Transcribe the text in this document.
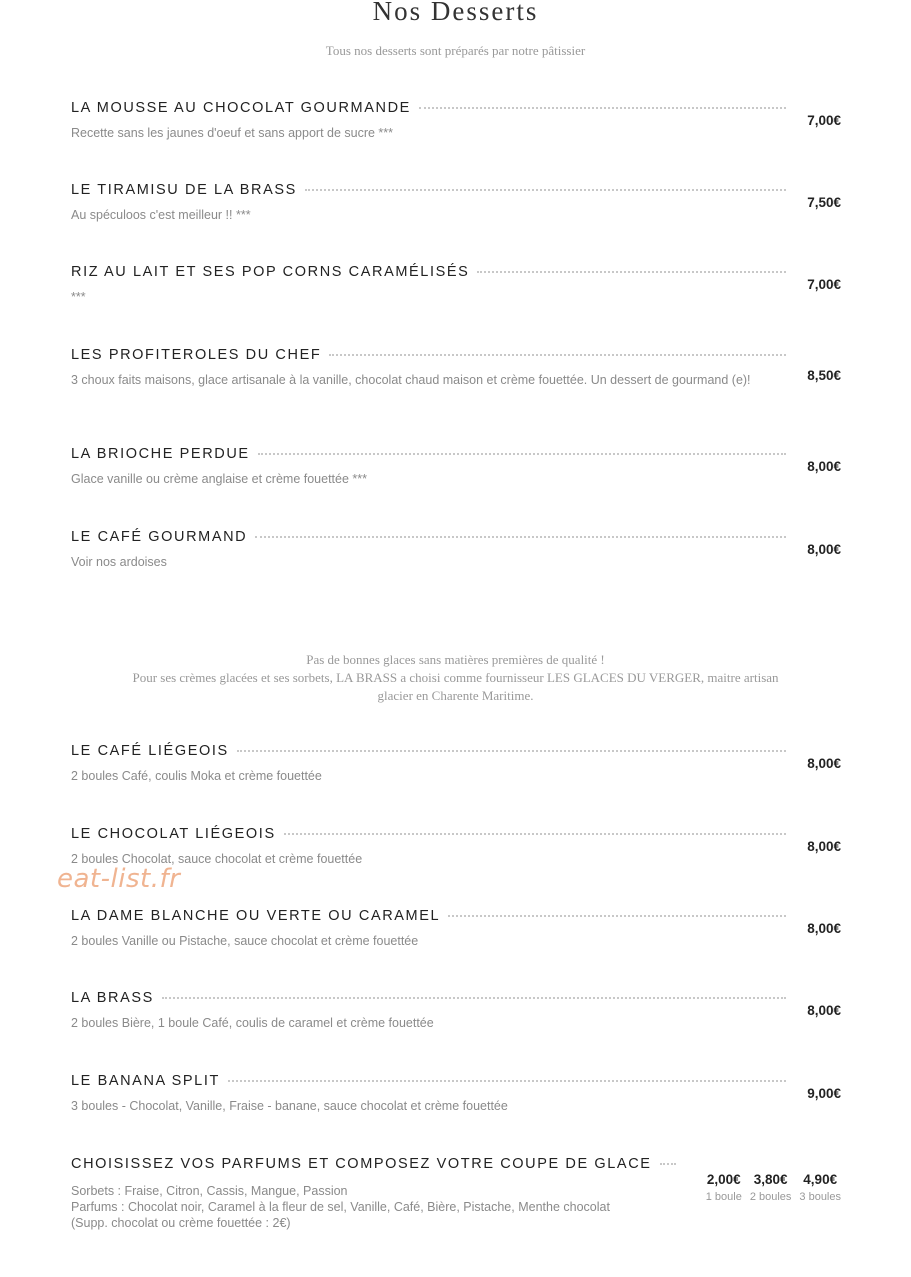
Nos Desserts
Tous nos desserts sont préparés par notre pâtissier
LA MOUSSE AU CHOCOLAT GOURMANDE
Recette sans les jaunes d'oeuf et sans apport de sucre ***
7,00€
LE TIRAMISU DE LA BRASS
Au spéculoos c'est meilleur !! ***
7,50€
RIZ AU LAIT ET SES POP CORNS CARAMÉLISÉS
***
7,00€
LES PROFITEROLES DU CHEF
3 choux faits maisons, glace artisanale à la vanille, chocolat chaud maison et crème fouettée. Un dessert de gourmand (e)!	8,50€
LA BRIOCHE PERDUE
Glace vanille ou crème anglaise et crème fouettée ***
8,00€
LE CAFÉ GOURMAND
Voir nos ardoises
8,00€
Pas de bonnes glaces sans matières premières de qualité !
Pour ses crèmes glacées et ses sorbets, LA BRASS a choisi comme fournisseur LES GLACES DU VERGER, maitre artisan
glacier en Charente Maritime.
LE CAFÉ LIÉGEOIS
2 boules Café, coulis Moka et crème fouettée
8,00€
LE CHOCOLAT LIÉGEOIS
2 boules Chocolat, sauce chocolat et crème fouettée
8,00€
LA DAME BLANCHE OU VERTE OU CARAMEL
2 boules Vanille ou Pistache, sauce chocolat et crème fouettée
8,00€
LA BRASS
2 boules Bière, 1 boule Café, coulis de caramel et crème fouettée
8,00€
LE BANANA SPLIT
3 boules - Chocolat, Vanille, Fraise - banane, sauce chocolat et crème fouettée
9,00€
CHOISISSEZ VOS PARFUMS ET COMPOSEZ VOTRE COUPE DE GLACE
Sorbets : Fraise, Citron, Cassis, Mangue, Passion
Parfums : Chocolat noir, Caramel à la fleur de sel, Vanille, Café, Bière, Pistache, Menthe chocolat
(Supp. chocolat ou crème fouettée : 2€)
2,00€
1 boule
3,80€
2 boules
4,90€
3 boules
eat-list.fr
